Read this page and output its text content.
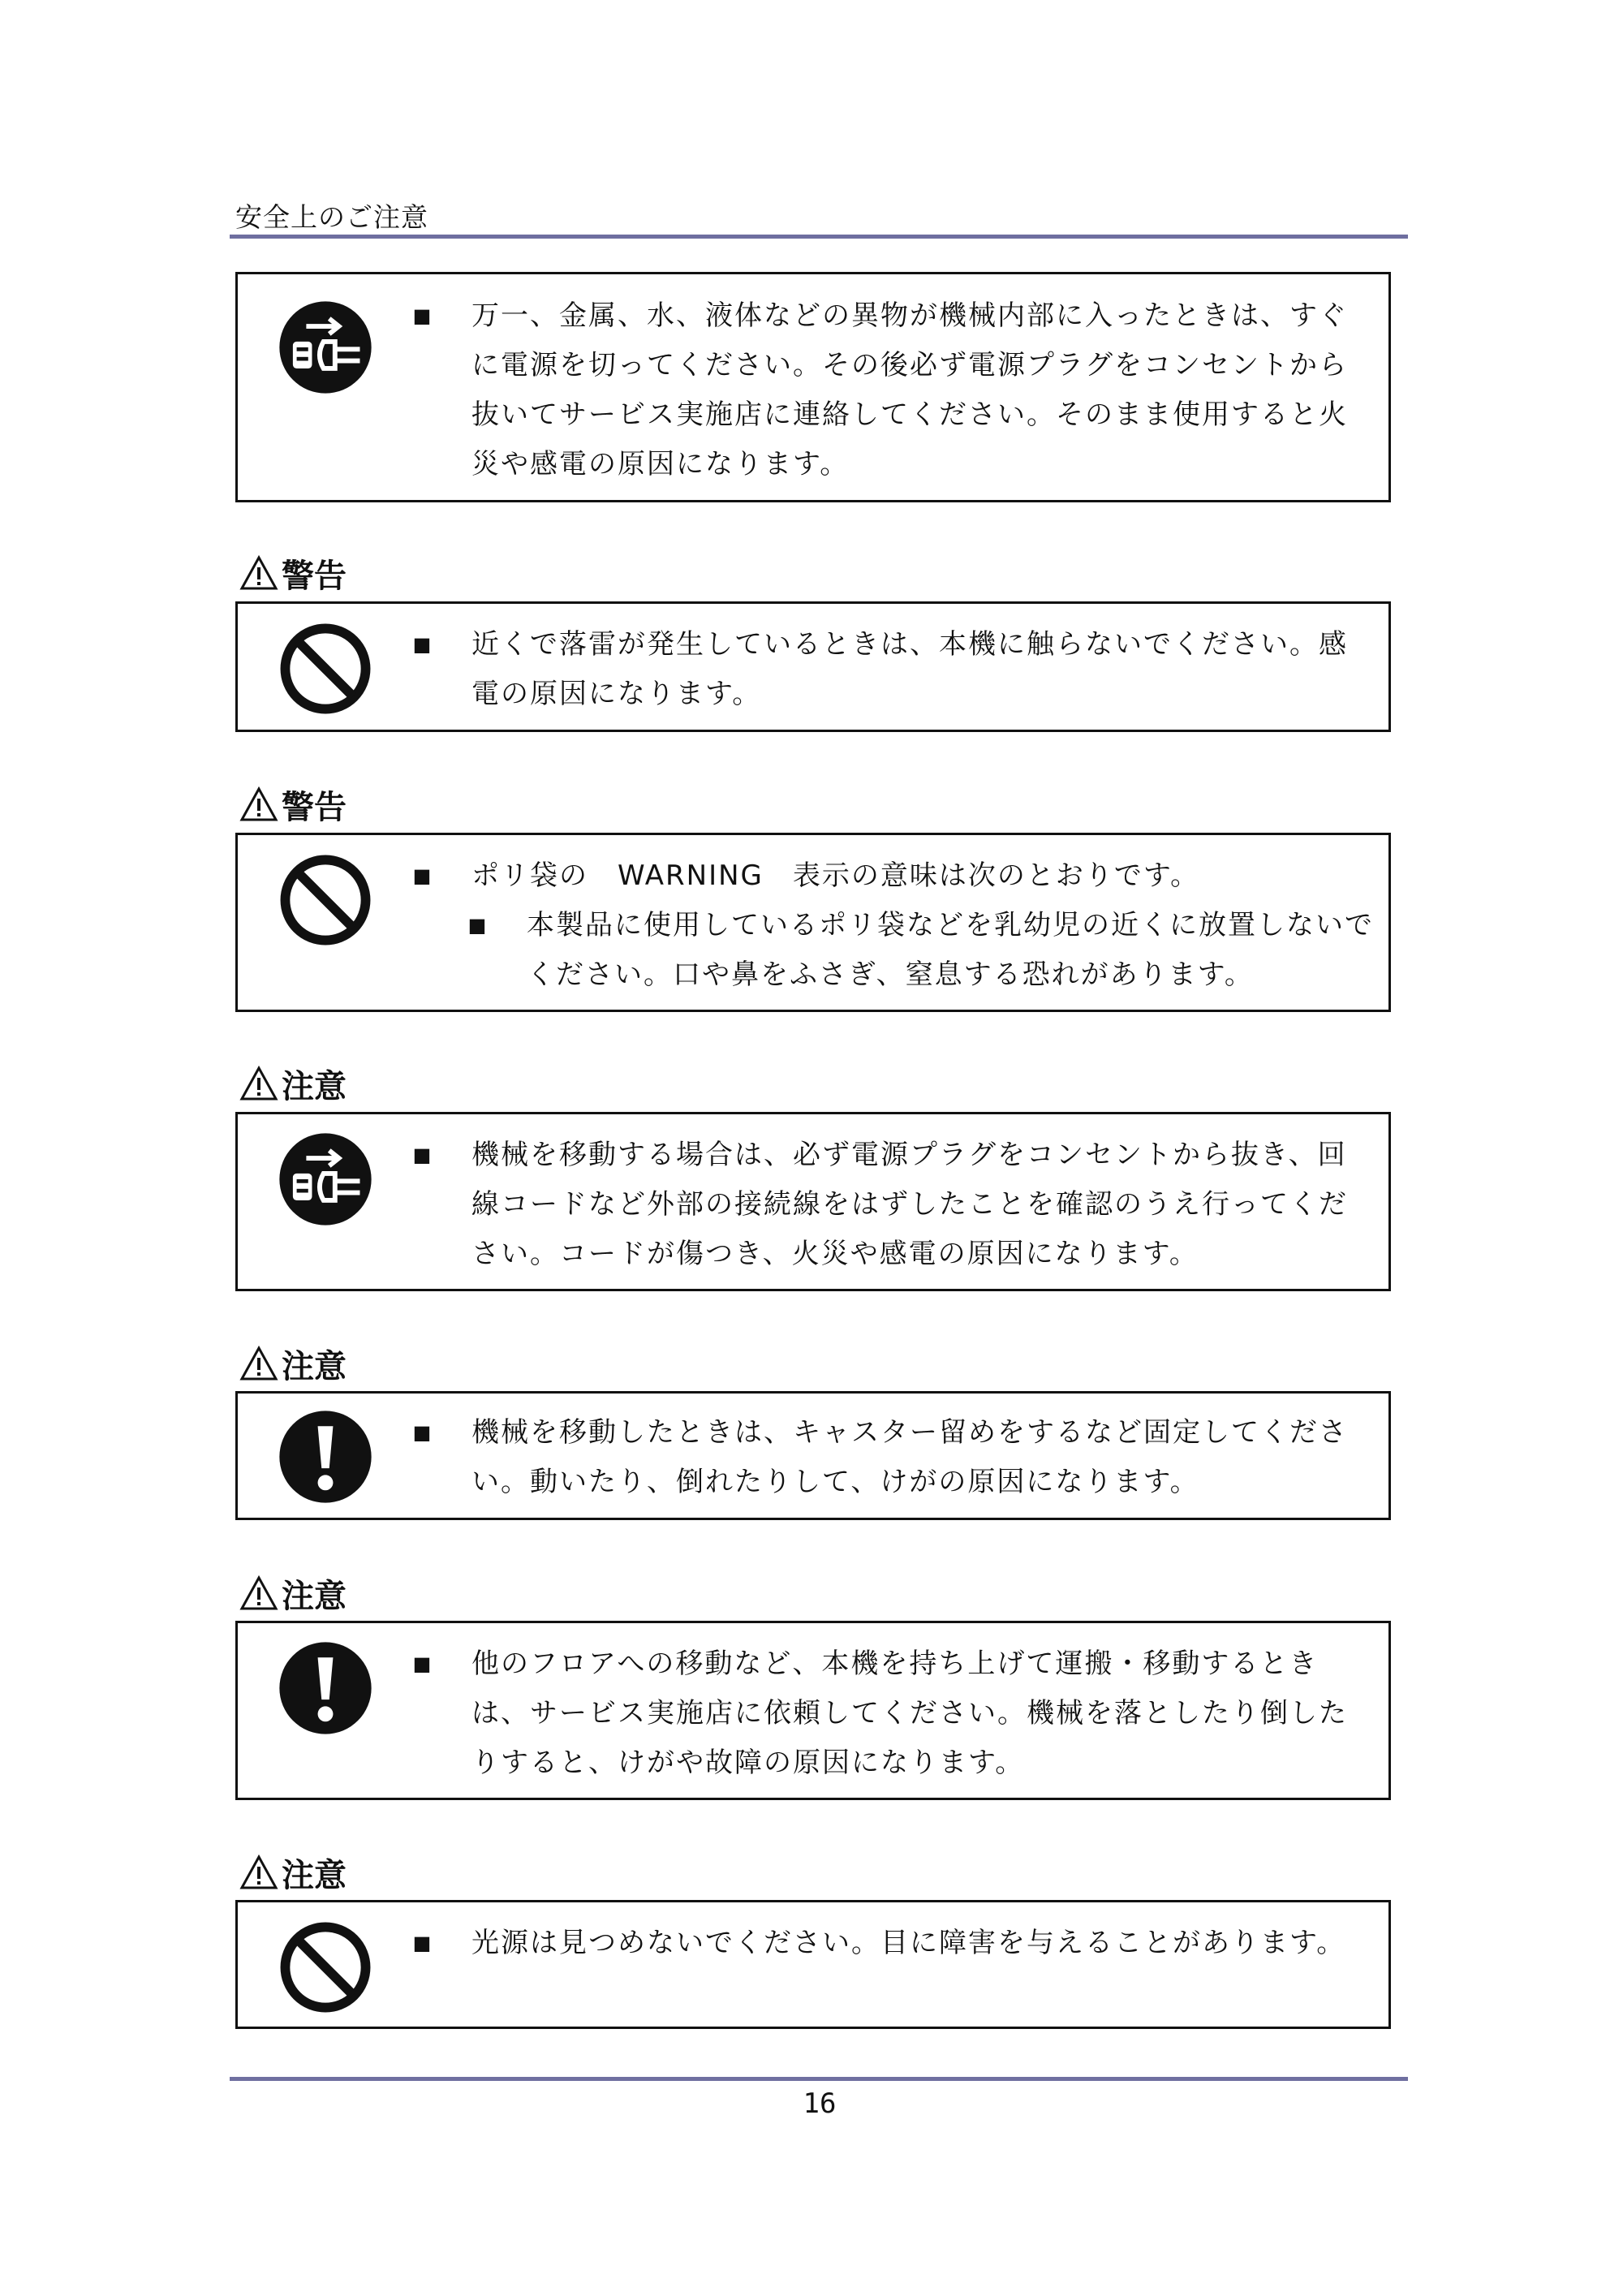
安全上のご注意
■ 万一、金属、水、液体などの異物が機械内部に入ったときは、すぐに電源を切ってください。その後必ず電源プラグをコンセントから抜いてサービス実施店に連絡してください。そのまま使用すると火災や感電の原因になります。
警告
■ 近くで落雷が発生しているときは、本機に触らないでください。感電の原因になります。
警告
■ ポリ袋の　WARNING　表示の意味は次のとおりです。
■ 本製品に使用しているポリ袋などを乳幼児の近くに放置しないでください。口や鼻をふさぎ、窒息する恐れがあります。
注意
■ 機械を移動する場合は、必ず電源プラグをコンセントから抜き、回線コードなど外部の接続線をはずしたことを確認のうえ行ってください。コードが傷つき、火災や感電の原因になります。
注意
■ 機械を移動したときは、キャスター留めをするなど固定してください。動いたり、倒れたりして、けがの原因になります。
注意
■ 他のフロアへの移動など、本機を持ち上げて運搬・移動するときは、サービス実施店に依頼してください。機械を落としたり倒したりすると、けがや故障の原因になります。
注意
■ 光源は見つめないでください。目に障害を与えることがあります。
16
